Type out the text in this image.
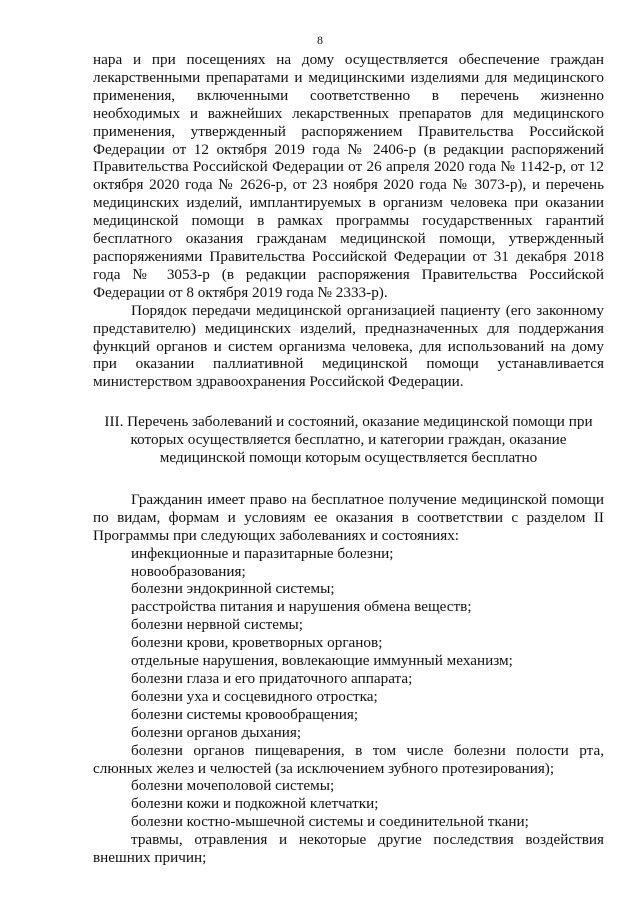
8

нара и при посещениях на дому осуществляется обеспечение граждан лекарственными препаратами и медицинскими изделиями для медицинского применения, включенными соответственно в перечень жизненно необходимых и важнейших лекарственных препаратов для медицинского применения, утвержденный распоряжением Правительства Российской Федерации от 12 октября 2019 года № 2406-р (в редакции распоряжений Правительства Российской Федерации от 26 апреля 2020 года № 1142-р, от 12 октября 2020 года № 2626-р, от 23 ноября 2020 года № 3073-р), и перечень медицинских изделий, имплантируемых в организм человека при оказании медицинской помощи в рамках программы государственных гарантий бесплатного оказания гражданам медицинской помощи, утвержденный распоряжениями Правительства Российской Федерации от 31 декабря 2018 года № 3053-р (в редакции распоряжения Правительства Российской Федерации от 8 октября 2019 года № 2333-р).

Порядок передачи медицинской организацией пациенту (его законному представителю) медицинских изделий, предназначенных для поддержания функций органов и систем организма человека, для использований на дому при оказании паллиативной медицинской помощи устанавливается министерством здравоохранения Российской Федерации.

III. Перечень заболеваний и состояний, оказание медицинской помощи при которых осуществляется бесплатно, и категории граждан, оказание медицинской помощи которым осуществляется бесплатно

Гражданин имеет право на бесплатное получение медицинской помощи по видам, формам и условиям ее оказания в соответствии с разделом II Программы при следующих заболеваниях и состояниях:

инфекционные и паразитарные болезни;
новообразования;
болезни эндокринной системы;
расстройства питания и нарушения обмена веществ;
болезни нервной системы;
болезни крови, кроветворных органов;
отдельные нарушения, вовлекающие иммунный механизм;
болезни глаза и его придаточного аппарата;
болезни уха и сосцевидного отростка;
болезни системы кровообращения;
болезни органов дыхания;
болезни органов пищеварения, в том числе болезни полости рта, слюнных желез и челюстей (за исключением зубного протезирования);
болезни мочеполовой системы;
болезни кожи и подкожной клетчатки;
болезни костно-мышечной системы и соединительной ткани;
травмы, отравления и некоторые другие последствия воздействия внешних причин;
